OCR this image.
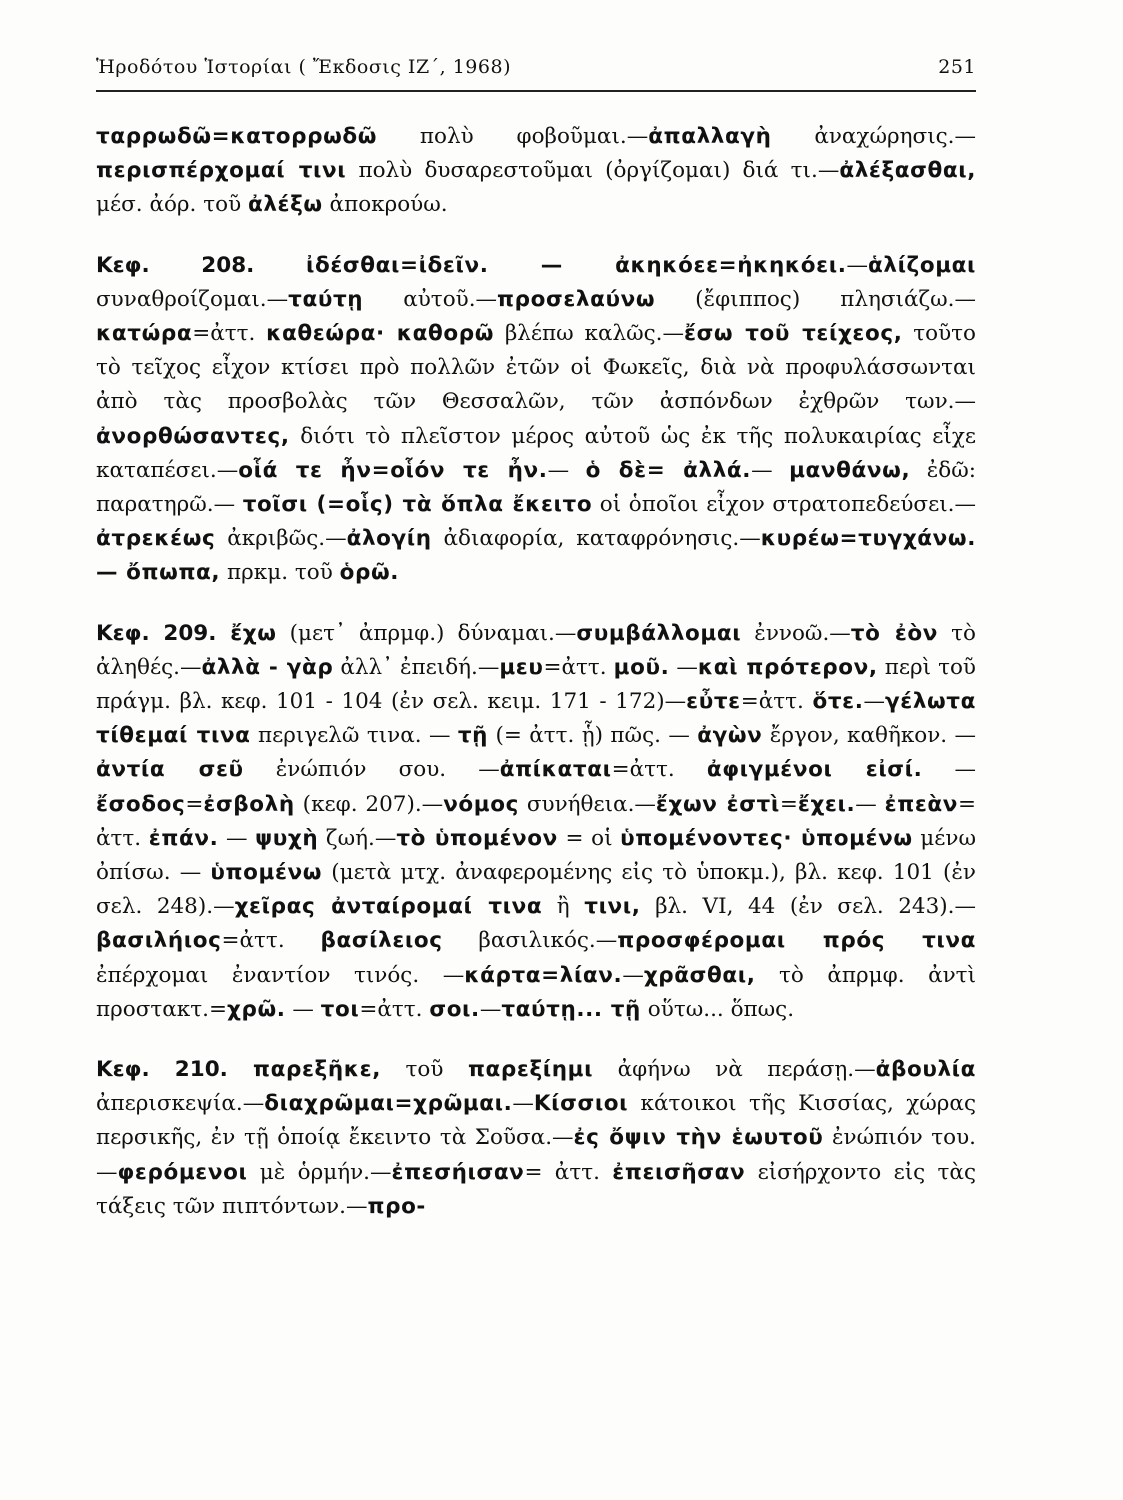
Ἡροδότου Ἱστορίαι ( Ἔκδοσις ΙΖ΄, 1968)	251

ταρρωδῶ=κατορρωδῶ πολὺ φοβοῦμαι.—ἀπαλλαγὴ ἀναχώρησις.—περισπέρχομαί τινι πολὺ δυσαρεστοῦμαι (ὀργίζομαι) διά τι.—ἀλέξασθαι, μέσ. ἀόρ. τοῦ ἀλέξω ἀποκρούω.

Κεφ. 208. ἰδέσθαι=ἰδεῖν. — ἀκηκόεε=ἠκηκόει.—ἁλίζομαι συναθροίζομαι.—ταύτῃ αὐτοῦ.—προσελαύνω (ἔφιππος) πλησιάζω.—κατώρα=ἀττ. καθεώρα· καθορῶ βλέπω καλῶς.—ἔσω τοῦ τείχεος, τοῦτο τὸ τεῖχος εἶχον κτίσει πρὸ πολλῶν ἐτῶν οἱ Φωκεῖς, διὰ νὰ προφυλάσσωνται ἀπὸ τὰς προσβολὰς τῶν Θεσσαλῶν, τῶν ἀσπόνδων ἐχθρῶν των.—ἀνορθώσαντες, διότι τὸ πλεῖστον μέρος αὐτοῦ ὡς ἐκ τῆς πολυκαιρίας εἶχε καταπέσει.—οἷά τε ἦν=οἷόν τε ἦν.— ὁ δὲ= ἀλλά.— μανθάνω, ἐδῶ: παρατηρῶ.— τοῖσι (=οἷς) τὰ ὅπλα ἔκειτο οἱ ὁποῖοι εἶχον στρατοπεδεύσει.—ἀτρεκέως ἀκριβῶς.—ἀλογίη ἀδιαφορία, καταφρόνησις.—κυρέω=τυγχάνω. — ὄπωπα, πρκμ. τοῦ ὁρῶ.

Κεφ. 209. ἔχω (μετ᾽ ἀπρμφ.) δύναμαι.—συμβάλλομαι ἐννοῶ.—τὸ ἐὸν τὸ ἀληθές.—ἀλλὰ - γὰρ ἀλλ᾽ ἐπειδή.—μευ=ἀττ. μοῦ. —καὶ πρότερον, περὶ τοῦ πράγμ. βλ. κεφ. 101 - 104 (ἐν σελ. κειμ. 171 - 172)—εὖτε=ἀττ. ὅτε.—γέλωτα τίθεμαί τινα περιγελῶ τινα. — τῇ (= ἀττ. ᾗ) πῶς. — ἀγὼν ἔργον, καθῆκον. —ἀντία σεῦ ἐνώπιόν σου. —ἀπίκαται=ἀττ. ἀφιγμένοι εἰσί. —ἔσοδος=ἐσβολὴ (κεφ. 207).—νόμος συνήθεια.—ἔχων ἐστὶ=ἔχει.— ἐπεὰν= ἀττ. ἐπάν. — ψυχὴ ζωή.—τὸ ὑπομένον = οἱ ὑπομένοντες· ὑπομένω μένω ὀπίσω. — ὑπομένω (μετὰ μτχ. ἀναφερομένης εἰς τὸ ὑποκμ.), βλ. κεφ. 101 (ἐν σελ. 248).—χεῖρας ἀνταίρομαί τινα ἢ τινι, βλ. VI, 44 (ἐν σελ. 243).—βασιλήιος=ἀττ. βασίλειος βασιλικός.—προσφέρομαι πρός τινα ἐπέρχομαι ἐναντίον τινός. —κάρτα=λίαν.—χρᾶσθαι, τὸ ἀπρμφ. ἀντὶ προστακτ.=χρῶ. — τοι=ἀττ. σοι.—ταύτῃ... τῇ οὕτω... ὅπως.

Κεφ. 210. παρεξῆκε, τοῦ παρεξίημι ἀφήνω νὰ περάσῃ.—ἀβουλία ἀπερισκεψία.—διαχρῶμαι=χρῶμαι.—Κίσσιοι κάτοικοι τῆς Κισσίας, χώρας περσικῆς, ἐν τῇ ὁποίᾳ ἔκειντο τὰ Σοῦσα.—ἐς ὄψιν τὴν ἑωυτοῦ ἐνώπιόν του.—φερόμενοι μὲ ὁρμήν.—ἐπεσήισαν= ἀττ. ἐπεισῆσαν εἰσήρχοντο εἰς τὰς τάξεις τῶν πιπτόντων.—προ-
